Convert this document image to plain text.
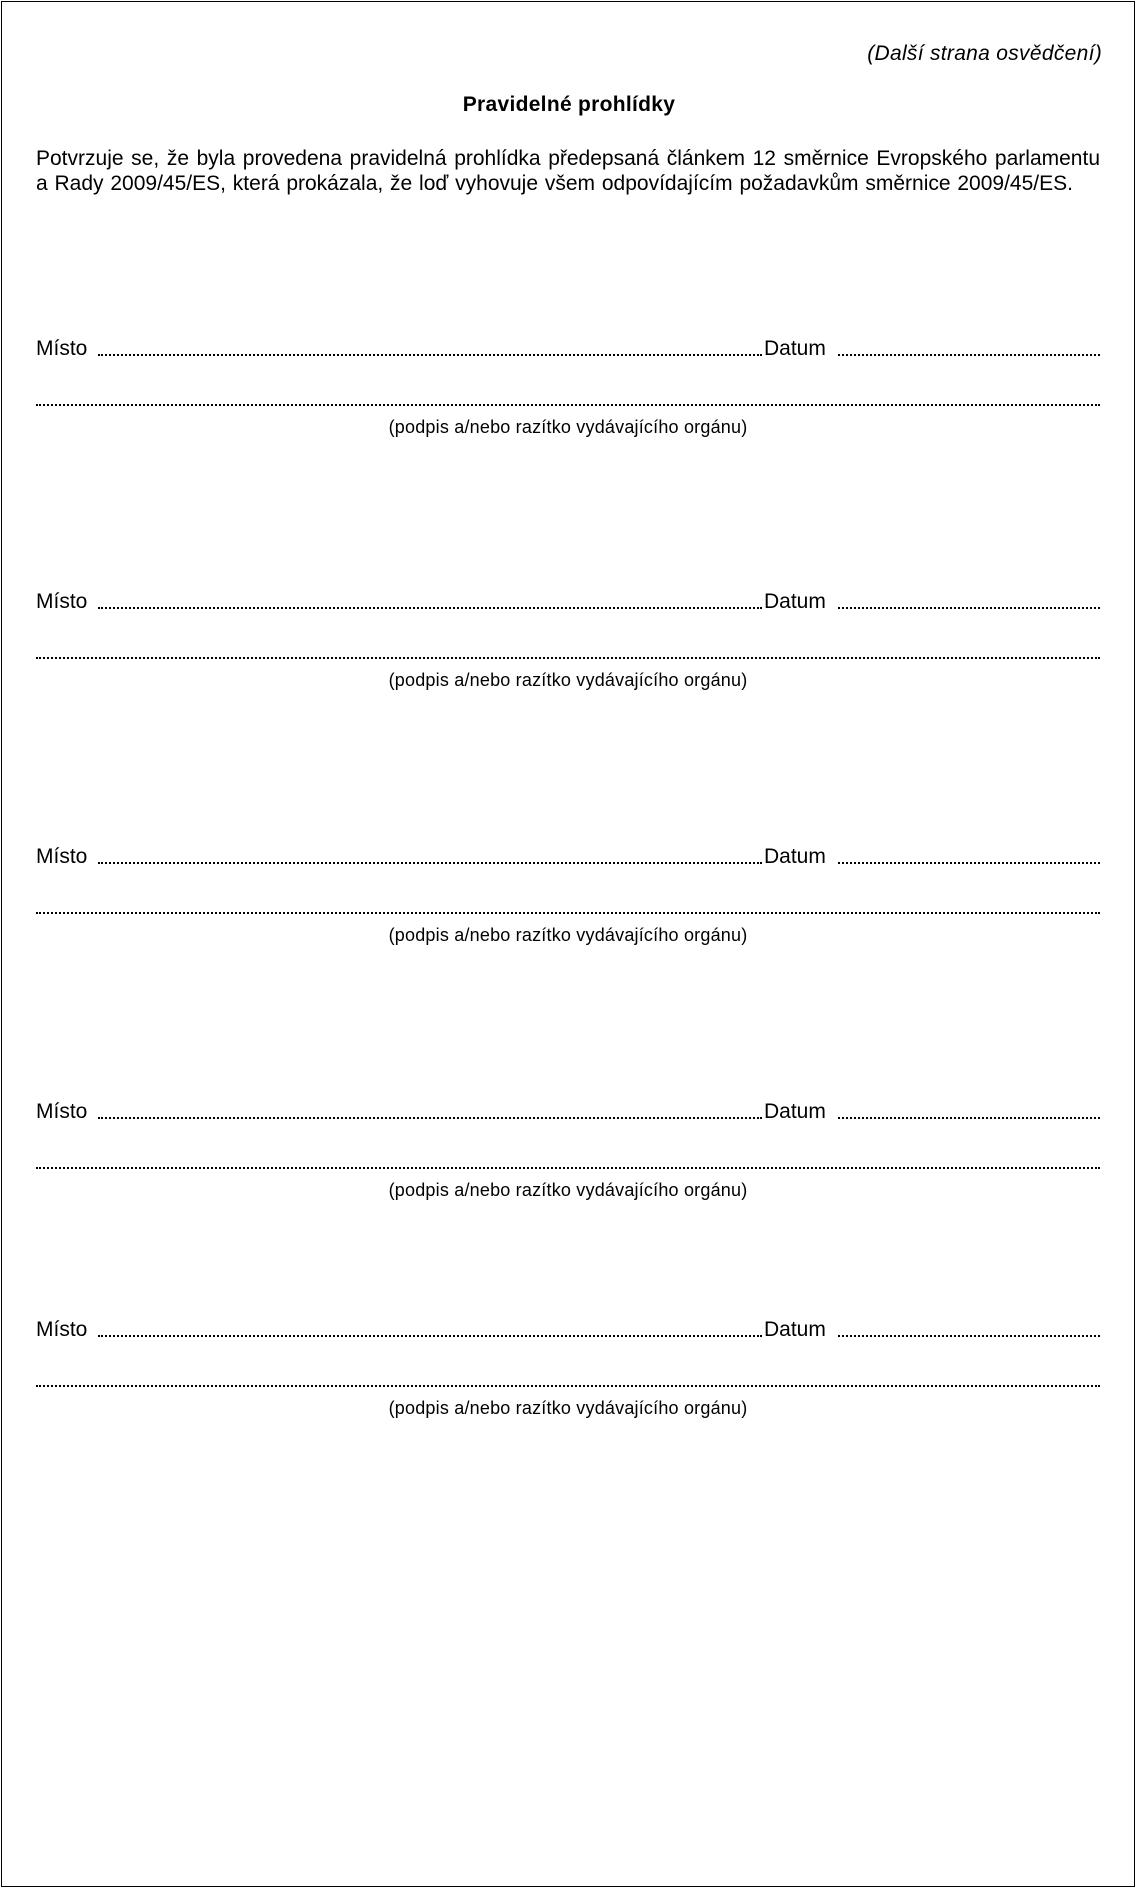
(Další strana osvědčení)
Pravidelné prohlídky
Potvrzuje se, že byla provedena pravidelná prohlídka předepsaná článkem 12 směrnice Evropského parlamentu a Rady 2009/45/ES, která prokázala, že loď vyhovuje všem odpovídajícím požadavkům směrnice 2009/45/ES.
Místo	Datum
(podpis a/nebo razítko vydávajícího orgánu)
Místo	Datum
(podpis a/nebo razítko vydávajícího orgánu)
Místo	Datum
(podpis a/nebo razítko vydávajícího orgánu)
Místo	Datum
(podpis a/nebo razítko vydávajícího orgánu)
Místo	Datum
(podpis a/nebo razítko vydávajícího orgánu)
